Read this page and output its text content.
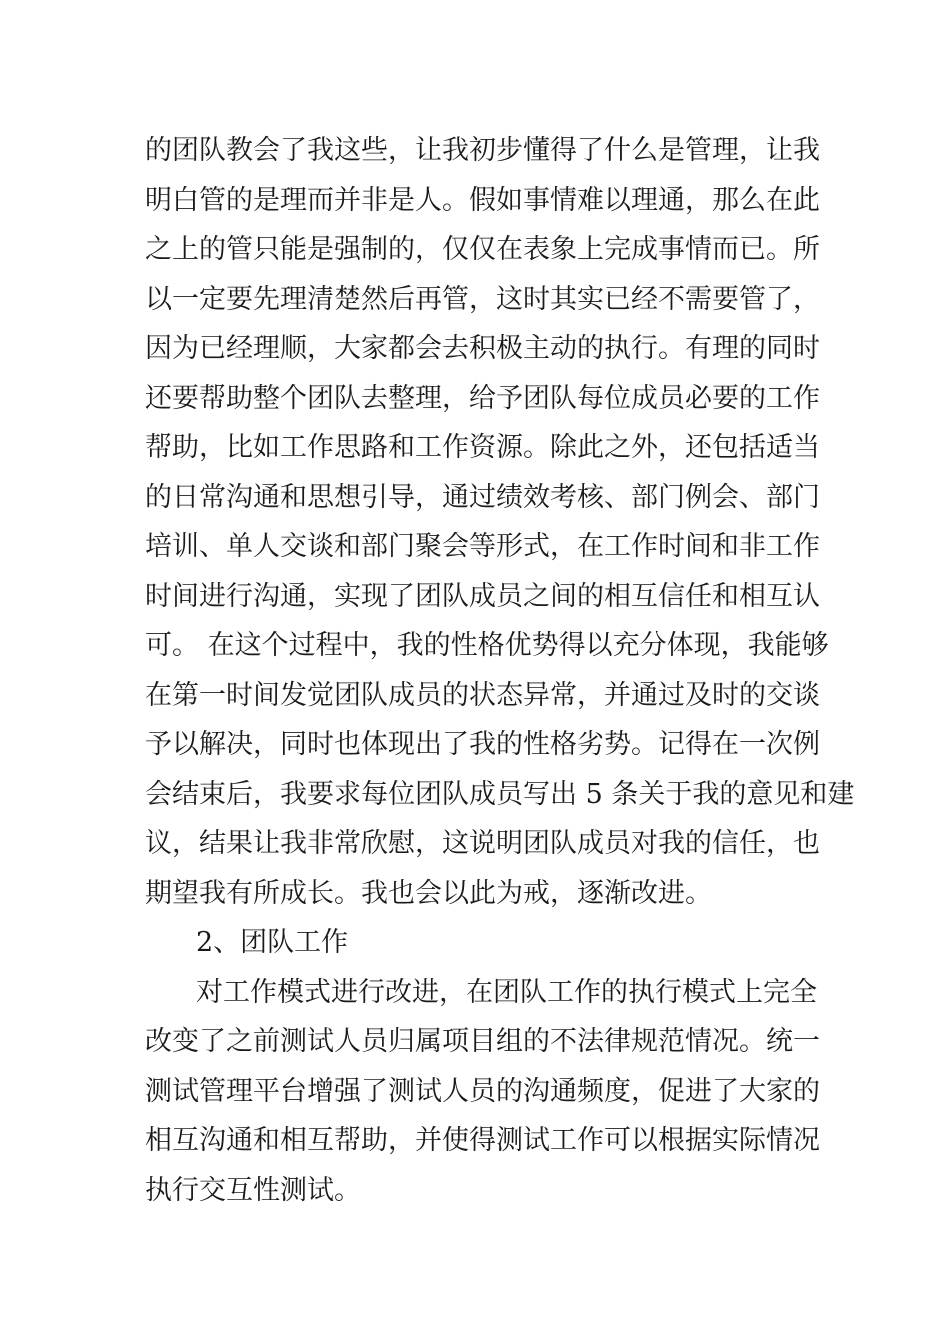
的团队教会了我这些，让我初步懂得了什么是管理，让我
明白管的是理而并非是人。假如事情难以理通，那么在此
之上的管只能是强制的，仅仅在表象上完成事情而已。所
以一定要先理清楚然后再管，这时其实已经不需要管了，
因为已经理顺，大家都会去积极主动的执行。有理的同时
还要帮助整个团队去整理，给予团队每位成员必要的工作
帮助，比如工作思路和工作资源。除此之外，还包括适当
的日常沟通和思想引导，通过绩效考核、部门例会、部门
培训、单人交谈和部门聚会等形式，在工作时间和非工作
时间进行沟通，实现了团队成员之间的相互信任和相互认
可。 在这个过程中，我的性格优势得以充分体现，我能够
在第一时间发觉团队成员的状态异常，并通过及时的交谈
予以解决，同时也体现出了我的性格劣势。记得在一次例
会结束后，我要求每位团队成员写出 5 条关于我的意见和建
议，结果让我非常欣慰，这说明团队成员对我的信任，也
期望我有所成长。我也会以此为戒，逐渐改进。
2、团队工作
对工作模式进行改进，在团队工作的执行模式上完全
改变了之前测试人员归属项目组的不法律规范情况。统一
测试管理平台增强了测试人员的沟通频度，促进了大家的
相互沟通和相互帮助，并使得测试工作可以根据实际情况
执行交互性测试。
